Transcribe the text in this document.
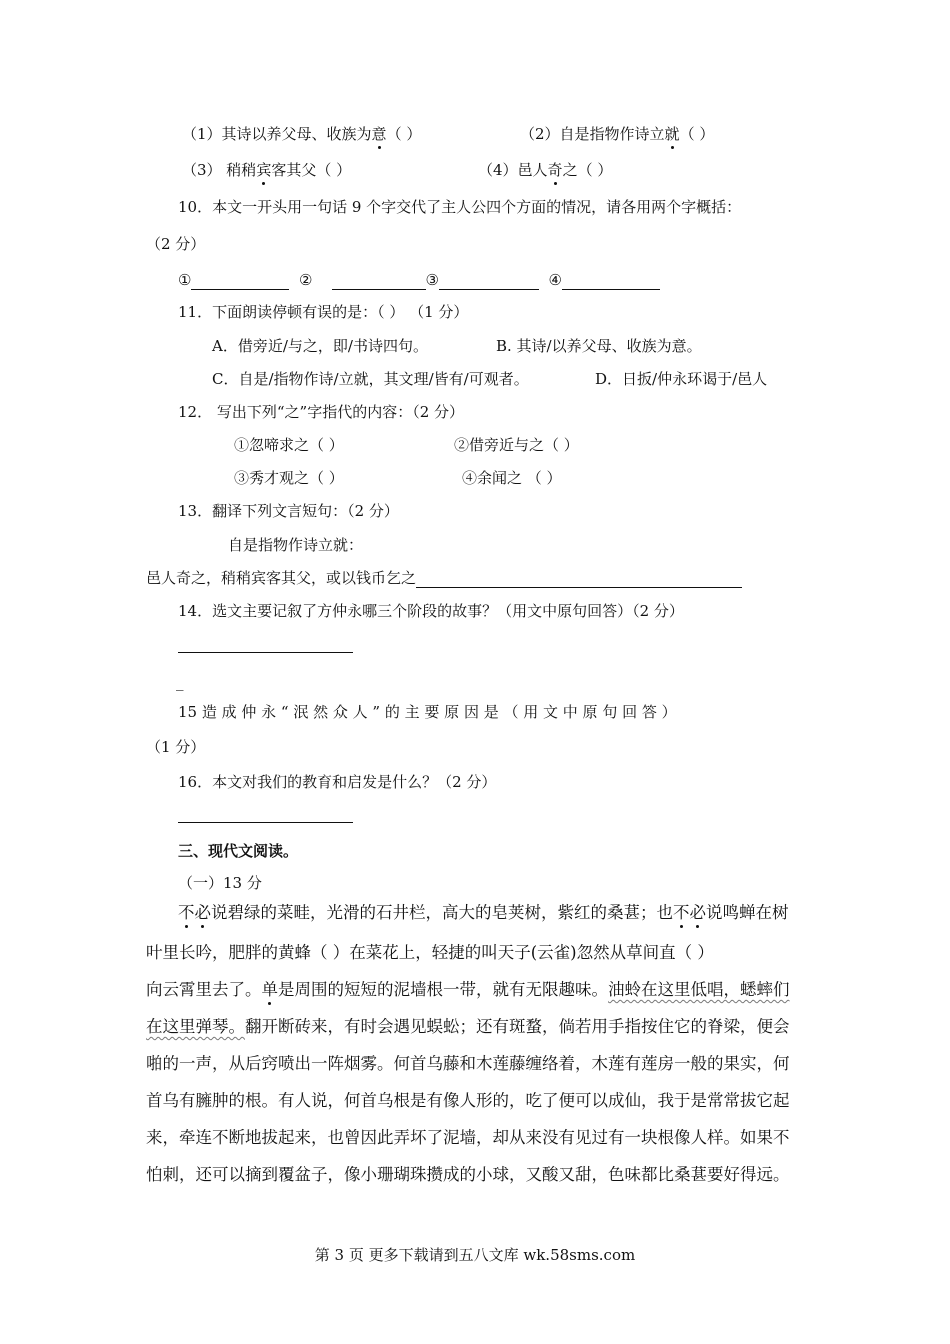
（1）其诗以养父母、收族为意（ ）	（2）自是指物作诗立就（ ）
（3） 稍稍宾客其父（ ）	（4）邑人奇之（ ）
10．本文一开头用一句话 9 个字交代了主人公四个方面的情况，请各用两个字概括：
（2 分）
①	②	③	④
11．下面朗读停顿有误的是：（ ） （1 分）
A．借旁近/与之，即/书诗四句。	B. 其诗/以养父母、收族为意。
C．自是/指物作诗/立就，其文理/皆有/可观者。	D．日扳/仲永环谒于/邑人
12． 写出下列“之”字指代的内容：（2 分）
①忽啼求之（ ）	②借旁近与之（ ）
③秀才观之（ ）	④余闻之 （ ）
13．翻译下列文言短句：（2 分）
自是指物作诗立就：
邑人奇之，稍稍宾客其父，或以钱币乞之
14．选文主要记叙了方仲永哪三个阶段的故事？（用文中原句回答）（2 分）
_
15 造 成 仲 永 “ 泯 然 众 人 ” 的 主 要 原 因 是 （ 用 文 中 原 句 回 答 ）
（1 分）
16．本文对我们的教育和启发是什么？（2 分）
三、现代文阅读。
（一）13 分
不必说碧绿的菜畦，光滑的石井栏，高大的皂荚树，紫红的桑葚；也不必说鸣蝉在树
叶里长吟，肥胖的黄蜂（ ）在菜花上，轻捷的叫天子(云雀)忽然从草间直（ ）
向云霄里去了。单是周围的短短的泥墙根一带，就有无限趣味。油蛉在这里低唱，蟋蟀们
在这里弹琴。翻开断砖来，有时会遇见蜈蚣；还有斑蝥，倘若用手指按住它的脊梁，便会
啪的一声，从后窍喷出一阵烟雾。何首乌藤和木莲藤缠络着，木莲有莲房一般的果实，何
首乌有臃肿的根。有人说，何首乌根是有像人形的，吃了便可以成仙，我于是常常拔它起
来，牵连不断地拔起来，也曾因此弄坏了泥墙，却从来没有见过有一块根像人样。如果不
怕刺，还可以摘到覆盆子，像小珊瑚珠攒成的小球，又酸又甜，色味都比桑葚要好得远。
第 3 页 更多下载请到五八文库 wk.58sms.com
